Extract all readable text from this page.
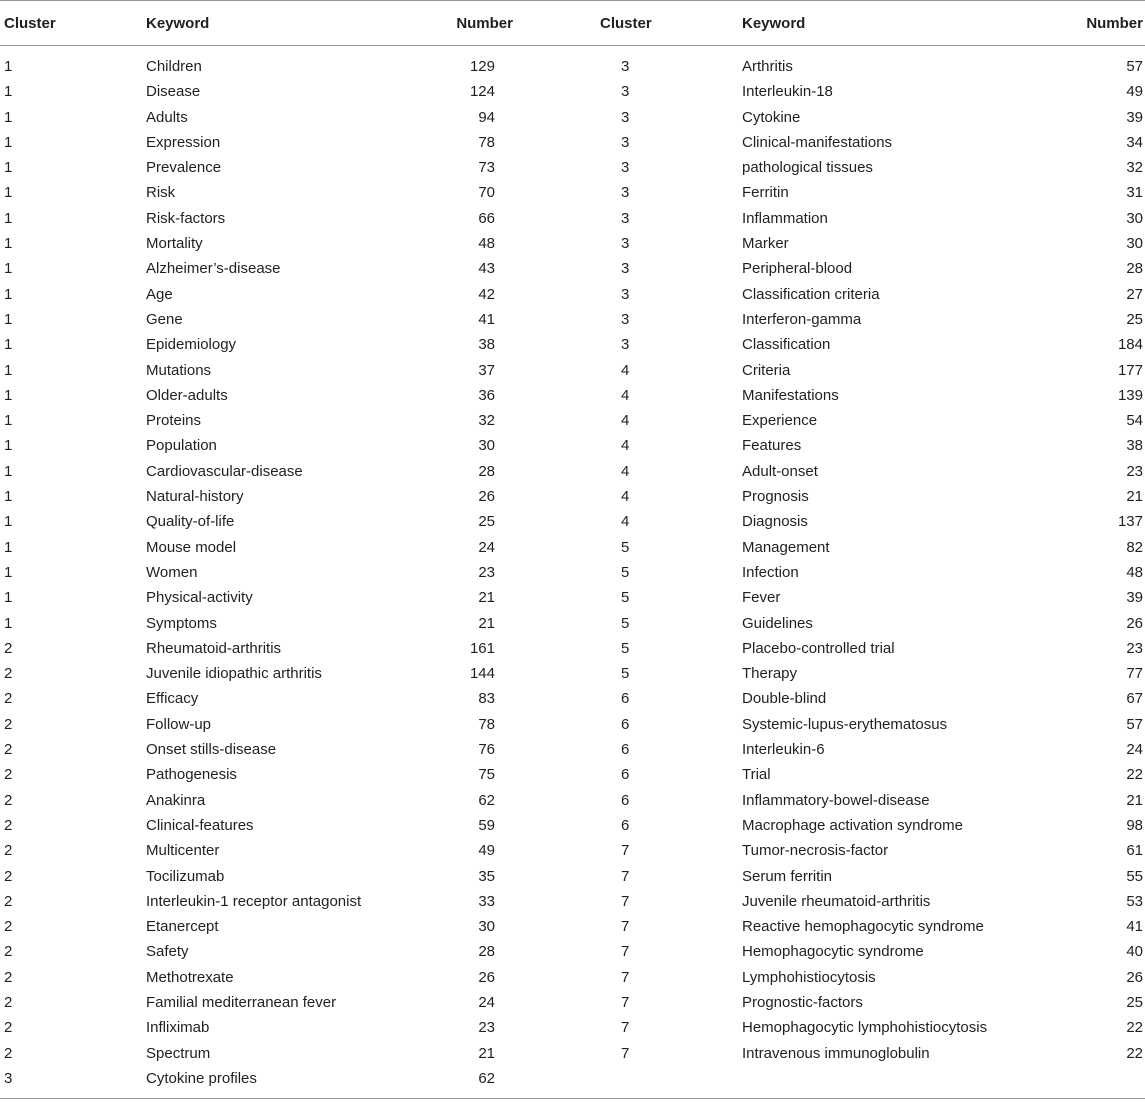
Cluster	Keyword	Number	Cluster	Keyword	Number
1	Children	129	3	Arthritis	57
1	Disease	124	3	Interleukin-18	49
1	Adults	94	3	Cytokine	39
1	Expression	78	3	Clinical-manifestations	34
1	Prevalence	73	3	pathological tissues	32
1	Risk	70	3	Ferritin	31
1	Risk-factors	66	3	Inflammation	30
1	Mortality	48	3	Marker	30
1	Alzheimer’s-disease	43	3	Peripheral-blood	28
1	Age	42	3	Classification criteria	27
1	Gene	41	3	Interferon-gamma	25
1	Epidemiology	38	3	Classification	184
1	Mutations	37	4	Criteria	177
1	Older-adults	36	4	Manifestations	139
1	Proteins	32	4	Experience	54
1	Population	30	4	Features	38
1	Cardiovascular-disease	28	4	Adult-onset	23
1	Natural-history	26	4	Prognosis	21
1	Quality-of-life	25	4	Diagnosis	137
1	Mouse model	24	5	Management	82
1	Women	23	5	Infection	48
1	Physical-activity	21	5	Fever	39
1	Symptoms	21	5	Guidelines	26
2	Rheumatoid-arthritis	161	5	Placebo-controlled trial	23
2	Juvenile idiopathic arthritis	144	5	Therapy	77
2	Efficacy	83	6	Double-blind	67
2	Follow-up	78	6	Systemic-lupus-erythematosus	57
2	Onset stills-disease	76	6	Interleukin-6	24
2	Pathogenesis	75	6	Trial	22
2	Anakinra	62	6	Inflammatory-bowel-disease	21
2	Clinical-features	59	6	Macrophage activation syndrome	98
2	Multicenter	49	7	Tumor-necrosis-factor	61
2	Tocilizumab	35	7	Serum ferritin	55
2	Interleukin-1 receptor antagonist	33	7	Juvenile rheumatoid-arthritis	53
2	Etanercept	30	7	Reactive hemophagocytic syndrome	41
2	Safety	28	7	Hemophagocytic syndrome	40
2	Methotrexate	26	7	Lymphohistiocytosis	26
2	Familial mediterranean fever	24	7	Prognostic-factors	25
2	Infliximab	23	7	Hemophagocytic lymphohistiocytosis	22
2	Spectrum	21	7	Intravenous immunoglobulin	22
3	Cytokine profiles	62			
